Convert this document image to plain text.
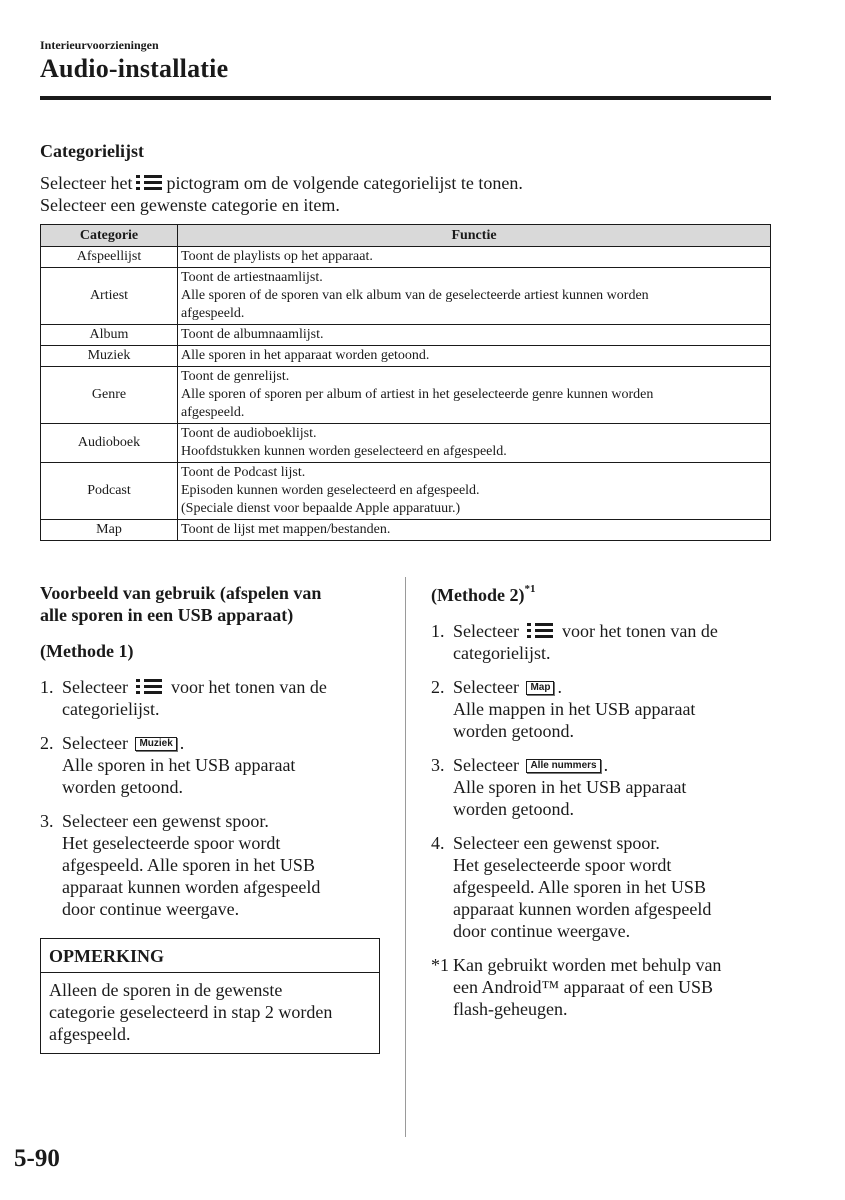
Interieurvoorzieningen
Audio-installatie
Categorielijst

Selecteer het pictogram om de volgende categorielijst te tonen.

Selecteer een gewenste categorie en item.

Categorie	Functie
Afspeellijst	Toont de playlists op het apparaat.

Artiest	Toont de artiestnaamlijst.
Alle sporen of de sporen van elk album van de geselecteerde artiest kunnen worden
afgespeeld.

Album	Toont de albumnaamlijst.

Muziek	Alle sporen in het apparaat worden getoond.

Genre	Toont de genrelijst.
Alle sporen of sporen per album of artiest in het geselecteerde genre kunnen worden
afgespeeld.

Audioboek	Toont de audioboeklijst.
Hoofdstukken kunnen worden geselecteerd en afgespeeld.

Podcast	Toont de Podcast lijst.
Episoden kunnen worden geselecteerd en afgespeeld.
(Speciale dienst voor bepaalde Apple apparatuur.)

Map	Toont de lijst met mappen/bestanden.
Voorbeeld van gebruik (afspelen van
alle sporen in een USB apparaat)
(Methode 1)
1. Selecteer voor het tonen van de
categorielijst.
2. Selecteer Muziek .
Alle sporen in het USB apparaat
worden getoond.
3. Selecteer een gewenst spoor.
Het geselecteerde spoor wordt
afgespeeld. Alle sporen in het USB
apparaat kunnen worden afgespeeld
door continue weergave.
OPMERKING
Alleen de sporen in de gewenste
categorie geselecteerd in stap 2 worden
afgespeeld.
(Methode 2)$^{*1}$
1. Selecteer voor het tonen van de
categorielijst.
2. Selecteer Map .
Alle mappen in het USB apparaat
worden getoond.
3. Selecteer Alle nummers .
Alle sporen in het USB apparaat
worden getoond.
4. Selecteer een gewenst spoor.
Het geselecteerde spoor wordt
afgespeeld. Alle sporen in het USB
apparaat kunnen worden afgespeeld
door continue weergave.
*1 Kan gebruikt worden met behulp van
een Android™ apparaat of een USB
flash-geheugen.
5-90
